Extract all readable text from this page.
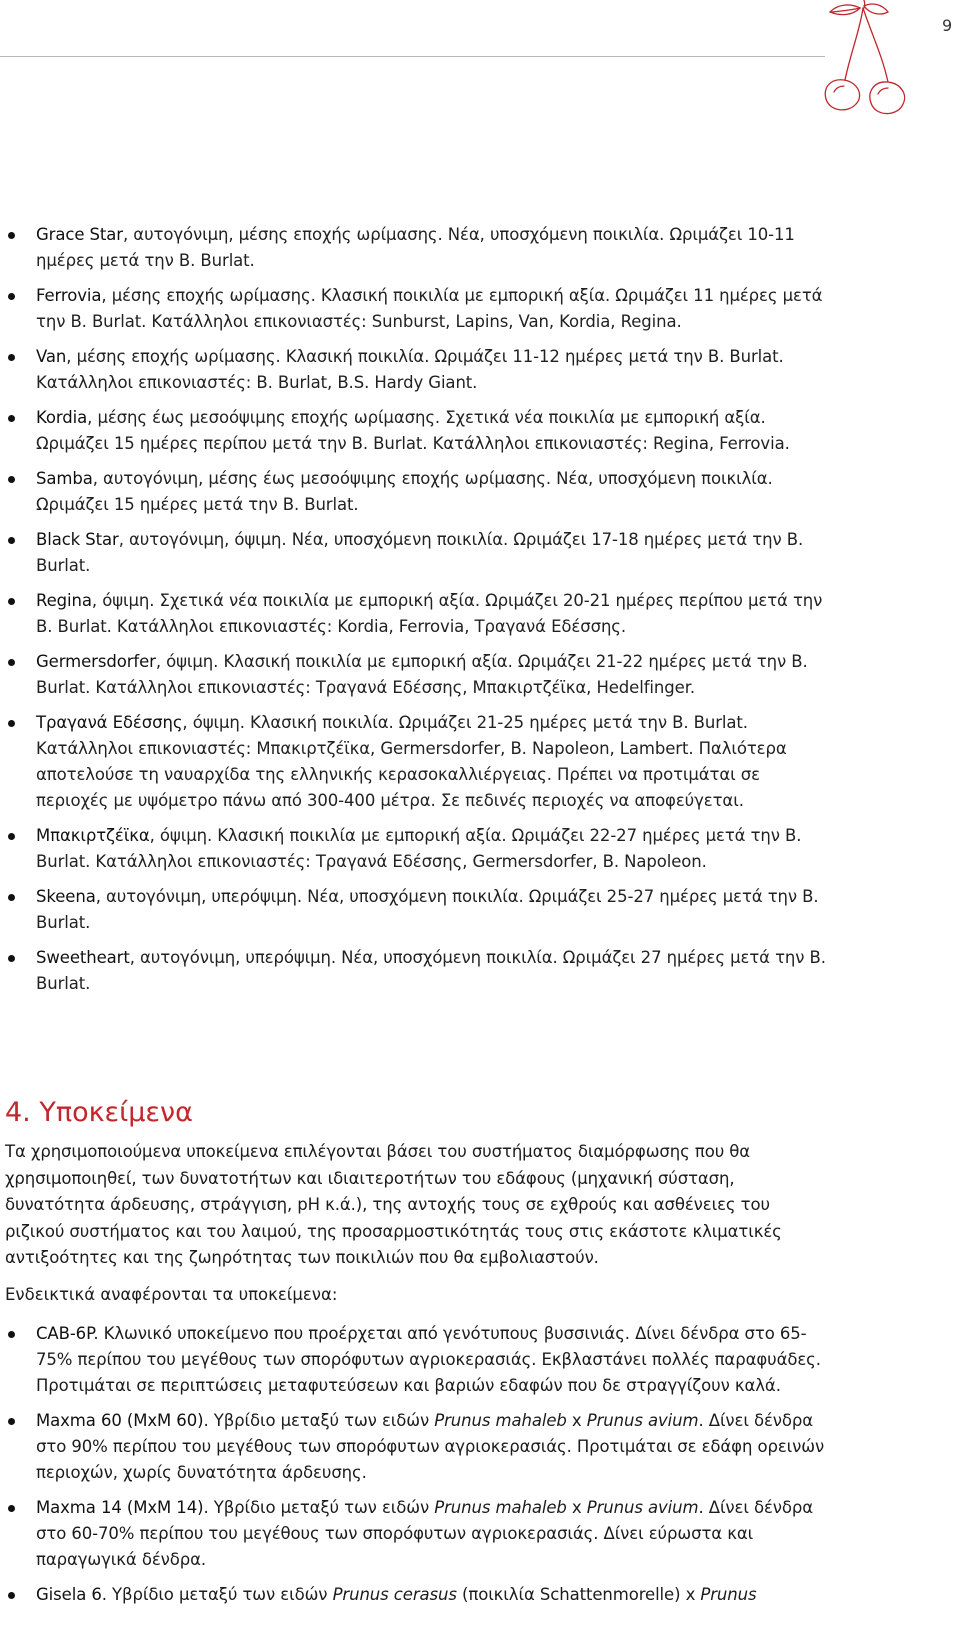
9
Grace Star, αυτογόνιμη, μέσης εποχής ωρίμασης. Νέα, υποσχόμενη ποικιλία. Ωριμάζει 10-11 ημέρες μετά την B. Burlat.
Ferrovia, μέσης εποχής ωρίμασης. Κλασική ποικιλία με εμπορική αξία. Ωριμάζει 11 ημέρες μετά την B. Burlat. Κατάλληλοι επικονιαστές: Sunburst, Lapins, Van, Kordia, Regina.
Van, μέσης εποχής ωρίμασης. Κλασική ποικιλία. Ωριμάζει 11-12 ημέρες μετά την B. Burlat. Κατάλληλοι επικονιαστές: B. Burlat, B.S. Hardy Giant.
Kordia, μέσης έως μεσοόψιμης εποχής ωρίμασης. Σχετικά νέα ποικιλία με εμπορική αξία. Ωριμάζει 15 ημέρες περίπου μετά την B. Burlat. Κατάλληλοι επικονιαστές: Regina, Ferrovia.
Samba, αυτογόνιμη, μέσης έως μεσοόψιμης εποχής ωρίμασης. Νέα, υποσχόμενη ποικιλία. Ωριμάζει 15 ημέρες μετά την B. Burlat.
Black Star, αυτογόνιμη, όψιμη. Νέα, υποσχόμενη ποικιλία. Ωριμάζει 17-18 ημέρες μετά την B. Burlat.
Regina, όψιμη. Σχετικά νέα ποικιλία με εμπορική αξία. Ωριμάζει 20-21 ημέρες περίπου μετά την B. Burlat. Κατάλληλοι επικονιαστές: Kordia, Ferrovia, Τραγανά Εδέσσης.
Germersdorfer, όψιμη. Κλασική ποικιλία με εμπορική αξία. Ωριμάζει 21-22 ημέρες μετά την B. Burlat. Κατάλληλοι επικονιαστές: Τραγανά Εδέσσης, Μπακιρτζέϊκα, Hedelfinger.
Τραγανά Εδέσσης, όψιμη. Κλασική ποικιλία. Ωριμάζει 21-25 ημέρες μετά την B. Burlat. Κατάλληλοι επικονιαστές: Μπακιρτζέϊκα, Germersdorfer, B. Napoleon, Lambert. Παλιότερα αποτελούσε τη ναυαρχίδα της ελληνικής κερασοκαλλιέργειας. Πρέπει να προτιμάται σε περιοχές με υψόμετρο πάνω από 300-400 μέτρα. Σε πεδινές περιοχές να αποφεύγεται.
Μπακιρτζέϊκα, όψιμη. Κλασική ποικιλία με εμπορική αξία. Ωριμάζει 22-27 ημέρες μετά την B. Burlat. Κατάλληλοι επικονιαστές: Τραγανά Εδέσσης, Germersdorfer, B. Napoleon.
Skeena, αυτογόνιμη, υπερόψιμη. Νέα, υποσχόμενη ποικιλία. Ωριμάζει 25-27 ημέρες μετά την B. Burlat.
Sweetheart, αυτογόνιμη, υπερόψιμη. Νέα, υποσχόμενη ποικιλία. Ωριμάζει 27 ημέρες μετά την B. Burlat.
4. Υποκείμενα

Τα χρησιμοποιούμενα υποκείμενα επιλέγονται βάσει του συστήματος διαμόρφωσης που θα χρησιμοποιηθεί, των δυνατοτήτων και ιδιαιτεροτήτων του εδάφους (μηχανική σύσταση, δυνατότητα άρδευσης, στράγγιση, pH κ.ά.), της αντοχής τους σε εχθρούς και ασθένειες του ριζικού συστήματος και του λαιμού, της προσαρμοστικότητάς τους στις εκάστοτε κλιματικές αντιξοότητες και της ζωηρότητας των ποικιλιών που θα εμβολιαστούν.

Ενδεικτικά αναφέρονται τα υποκείμενα:

CAB-6P. Κλωνικό υποκείμενο που προέρχεται από γενότυπους βυσσινιάς. Δίνει δένδρα στο 65-75% περίπου του μεγέθους των σπορόφυτων αγριοκερασιάς. Εκβλαστάνει πολλές παραφυάδες. Προτιμάται σε περιπτώσεις μεταφυτεύσεων και βαριών εδαφών που δε στραγγίζουν καλά.
Maxma 60 (MxM 60). Υβρίδιο μεταξύ των ειδών Prunus mahaleb x Prunus avium. Δίνει δένδρα στο 90% περίπου του μεγέθους των σπορόφυτων αγριοκερασιάς. Προτιμάται σε εδάφη ορεινών περιοχών, χωρίς δυνατότητα άρδευσης.
Maxma 14 (MxM 14). Υβρίδιο μεταξύ των ειδών Prunus mahaleb x Prunus avium. Δίνει δένδρα στο 60-70% περίπου του μεγέθους των σπορόφυτων αγριοκερασιάς. Δίνει εύρωστα και παραγωγικά δένδρα.
Gisela 6. Υβρίδιο μεταξύ των ειδών Prunus cerasus (ποικιλία Schattenmorelle) x Prunus
